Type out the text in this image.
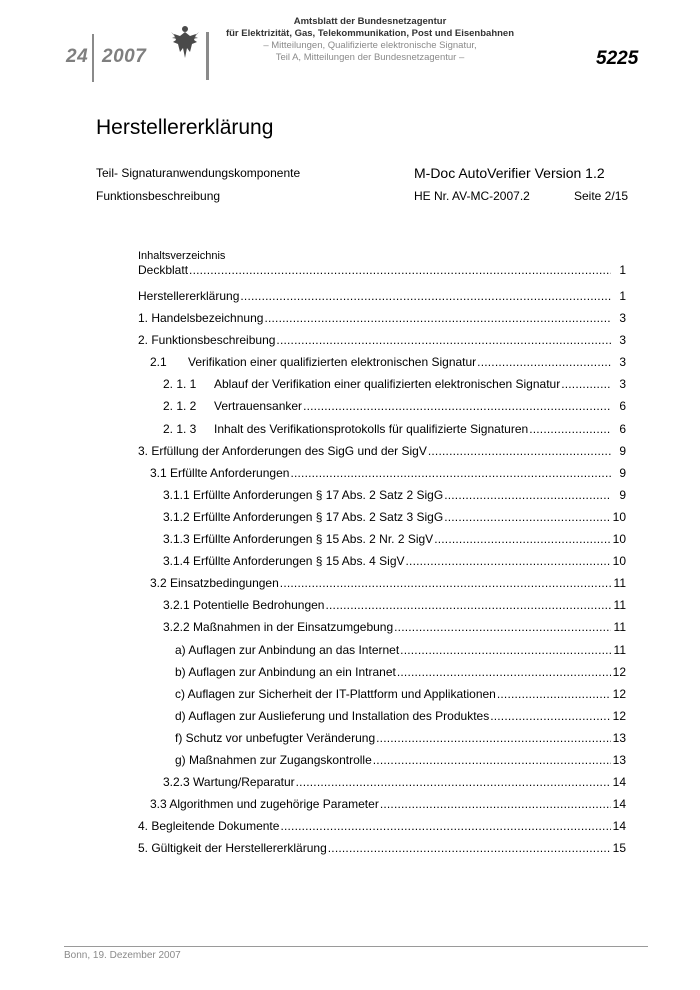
24 2007
Amtsblatt der Bundesnetzagentur
für Elektrizität, Gas, Telekommunikation, Post und Eisenbahnen
– Mitteilungen, Qualifizierte elektronische Signatur,
Teil A, Mitteilungen der Bundesnetzagentur –	5225
Herstellererklärung
Teil- Signaturanwendungskomponente
Funktionsbeschreibung
M-Doc AutoVerifier Version 1.2
HE Nr. AV-MC-2007.2	Seite 2/15
Inhaltsverzeichnis
Deckblatt .....	1
Herstellererklärung .....	1
1. Handelsbezeichnung .....	3
2. Funktionsbeschreibung .....	3
2.1 Verifikation einer qualifizierten elektronischen Signatur .....	3
2. 1. 1 Ablauf der Verifikation einer qualifizierten elektronischen Signatur .....	3
2. 1. 2 Vertrauensanker .....	6
2. 1. 3 Inhalt des Verifikationsprotokolls für qualifizierte Signaturen .....	6
3. Erfüllung der Anforderungen des SigG und der SigV .....	9
3.1 Erfüllte Anforderungen .....	9
3.1.1 Erfüllte Anforderungen § 17 Abs. 2 Satz 2 SigG .....	9
3.1.2 Erfüllte Anforderungen § 17 Abs. 2 Satz 3 SigG .....	10
3.1.3 Erfüllte Anforderungen § 15 Abs. 2 Nr. 2 SigV .....	10
3.1.4 Erfüllte Anforderungen § 15 Abs. 4 SigV .....	10
3.2 Einsatzbedingungen .....	11
3.2.1 Potentielle Bedrohungen .....	11
3.2.2 Maßnahmen in der Einsatzumgebung .....	11
a) Auflagen zur Anbindung an das Internet .....	11
b) Auflagen zur Anbindung an ein Intranet .....	12
c) Auflagen zur Sicherheit der IT-Plattform und Applikationen .....	12
d) Auflagen zur Auslieferung und Installation des Produktes .....	12
f) Schutz vor unbefugter Veränderung .....	13
g) Maßnahmen zur Zugangskontrolle .....	13
3.2.3 Wartung/Reparatur .....	14
3.3 Algorithmen und zugehörige Parameter .....	14
4. Begleitende Dokumente .....	14
5. Gültigkeit der Herstellererklärung .....	15
Bonn, 19. Dezember 2007
